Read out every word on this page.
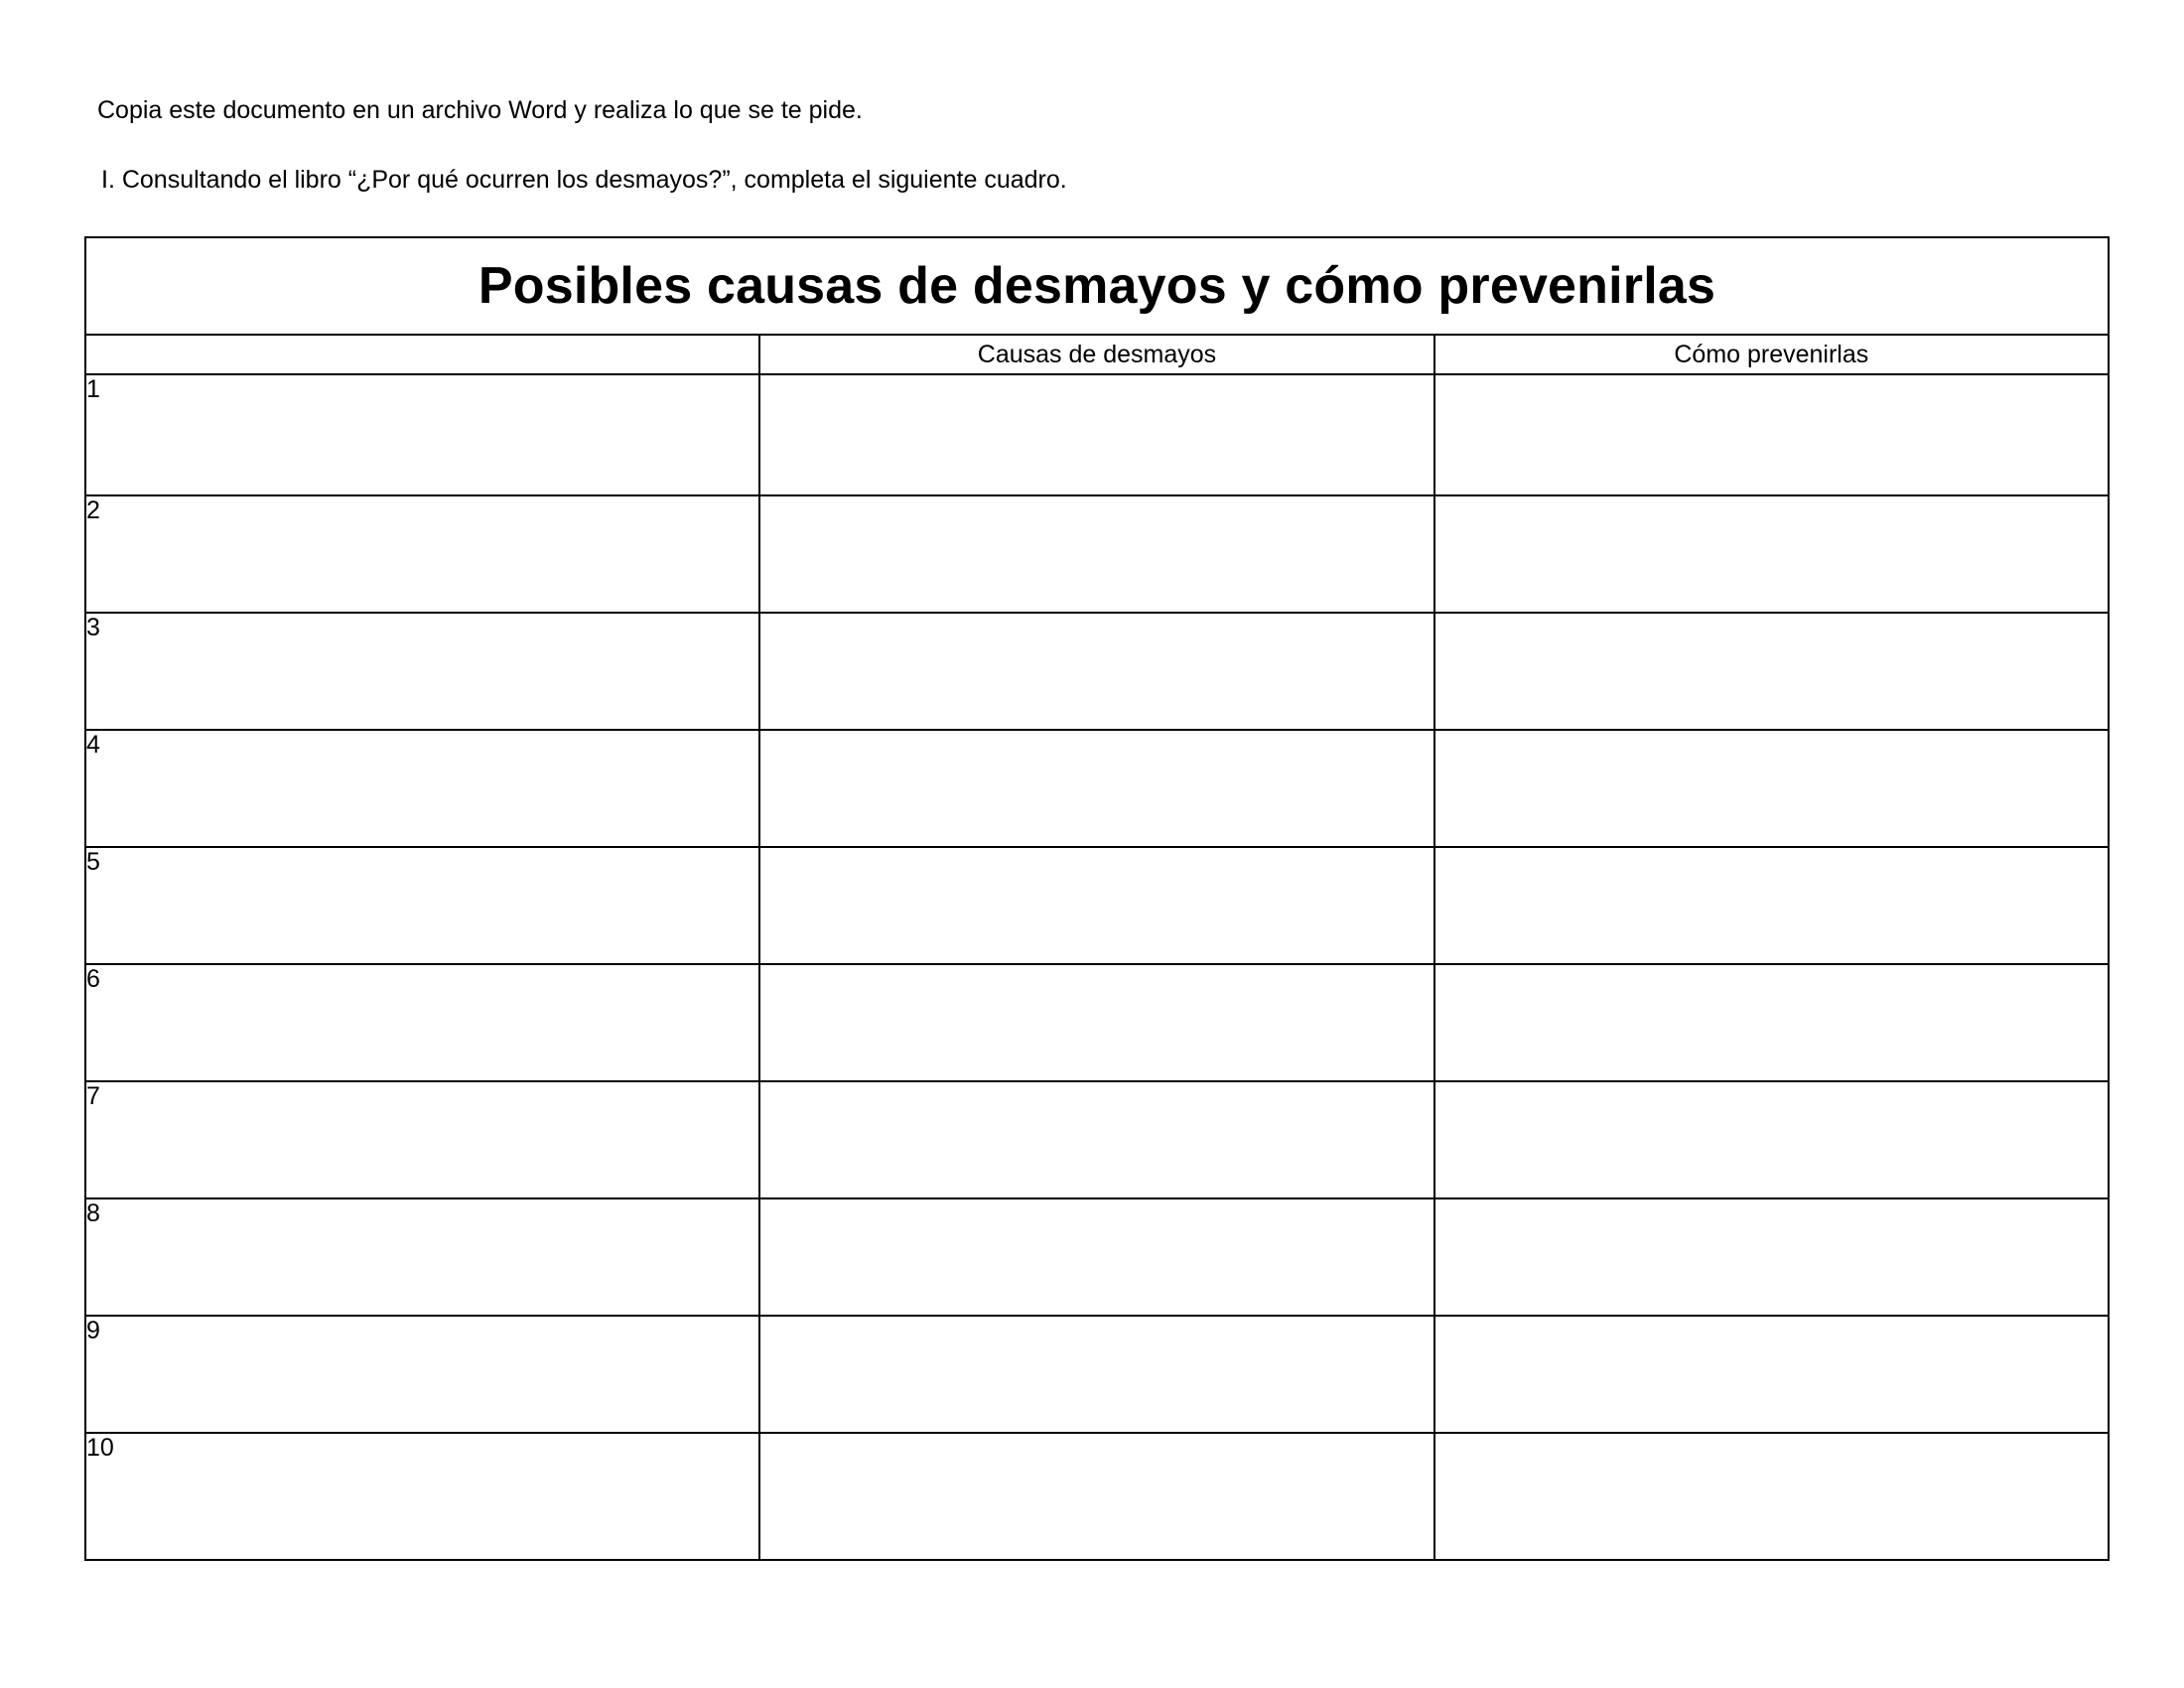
Copia este documento en un archivo Word y realiza lo que se te pide.

I. Consultando el libro “¿Por qué ocurren los desmayos?”, completa el siguiente cuadro.

Posibles causas de desmayos y cómo prevenirlas		
	Causas de desmayos	Cómo prevenirlas
1		
2		
3		
4		
5		
6		
7		
8		
9		
10		
